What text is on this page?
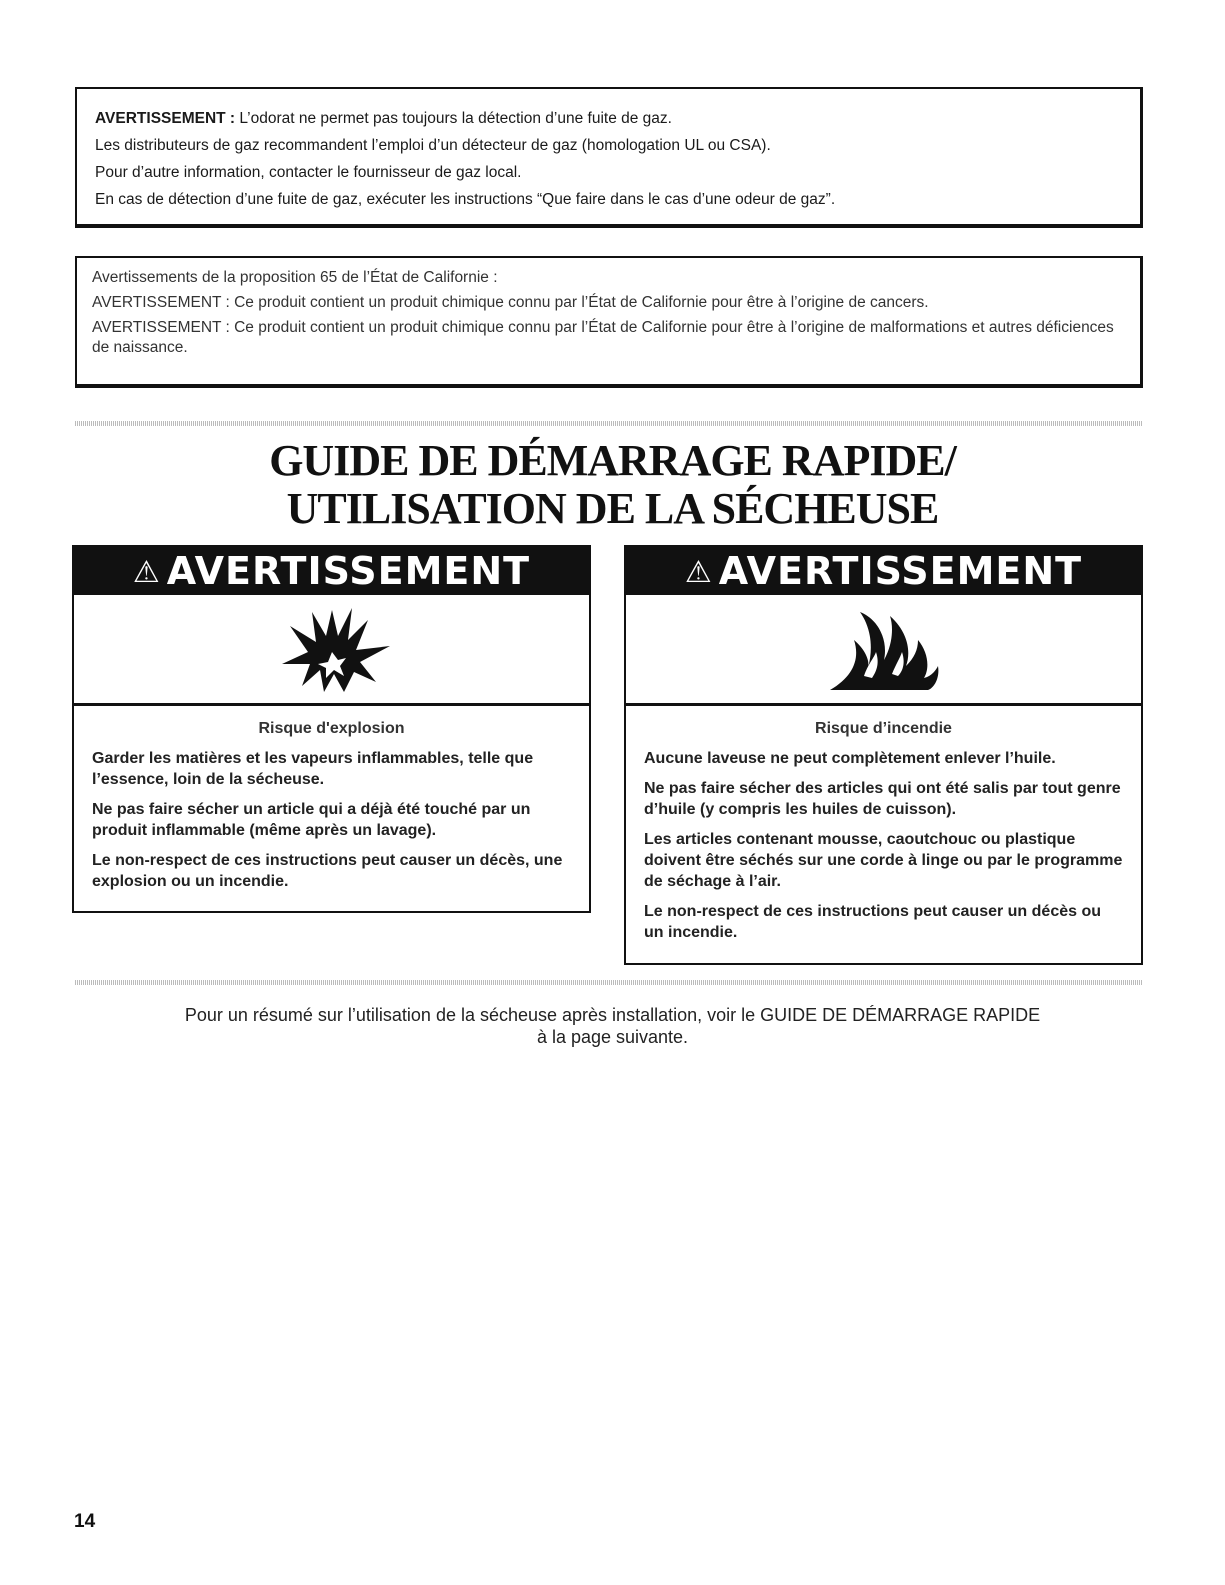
AVERTISSEMENT : L’odorat ne permet pas toujours la détection d’une fuite de gaz.

Les distributeurs de gaz recommandent l’emploi d’un détecteur de gaz (homologation UL ou CSA).

Pour d’autre information, contacter le fournisseur de gaz local.

En cas de détection d’une fuite de gaz, exécuter les instructions “Que faire dans le cas d’une odeur de gaz”.

Avertissements de la proposition 65 de l’État de Californie :

AVERTISSEMENT : Ce produit contient un produit chimique connu par l’État de Californie pour être à l’origine de cancers.

AVERTISSEMENT : Ce produit contient un produit chimique connu par l’État de Californie pour être à l’origine de malformations et autres déficiences de naissance.

GUIDE DE DÉMARRAGE RAPIDE/
UTILISATION DE LA SÉCHEUSE
⚠ AVERTISSEMENT
Risque d'explosion

Garder les matières et les vapeurs inflammables, telle que l’essence, loin de la sécheuse.

Ne pas faire sécher un article qui a déjà été touché par un produit inflammable (même après un lavage).

Le non-respect de ces instructions peut causer un décès, une explosion ou un incendie.

⚠ AVERTISSEMENT
Risque d’incendie

Aucune laveuse ne peut complètement enlever l’huile.

Ne pas faire sécher des articles qui ont été salis par tout genre d’huile (y compris les huiles de cuisson).

Les articles contenant mousse, caoutchouc ou plastique doivent être séchés sur une corde à linge ou par le programme de séchage à l’air.

Le non-respect de ces instructions peut causer un décès ou un incendie.

Pour un résumé sur l’utilisation de la sécheuse après installation, voir le GUIDE DE DÉMARRAGE RAPIDE
à la page suivante.
14
